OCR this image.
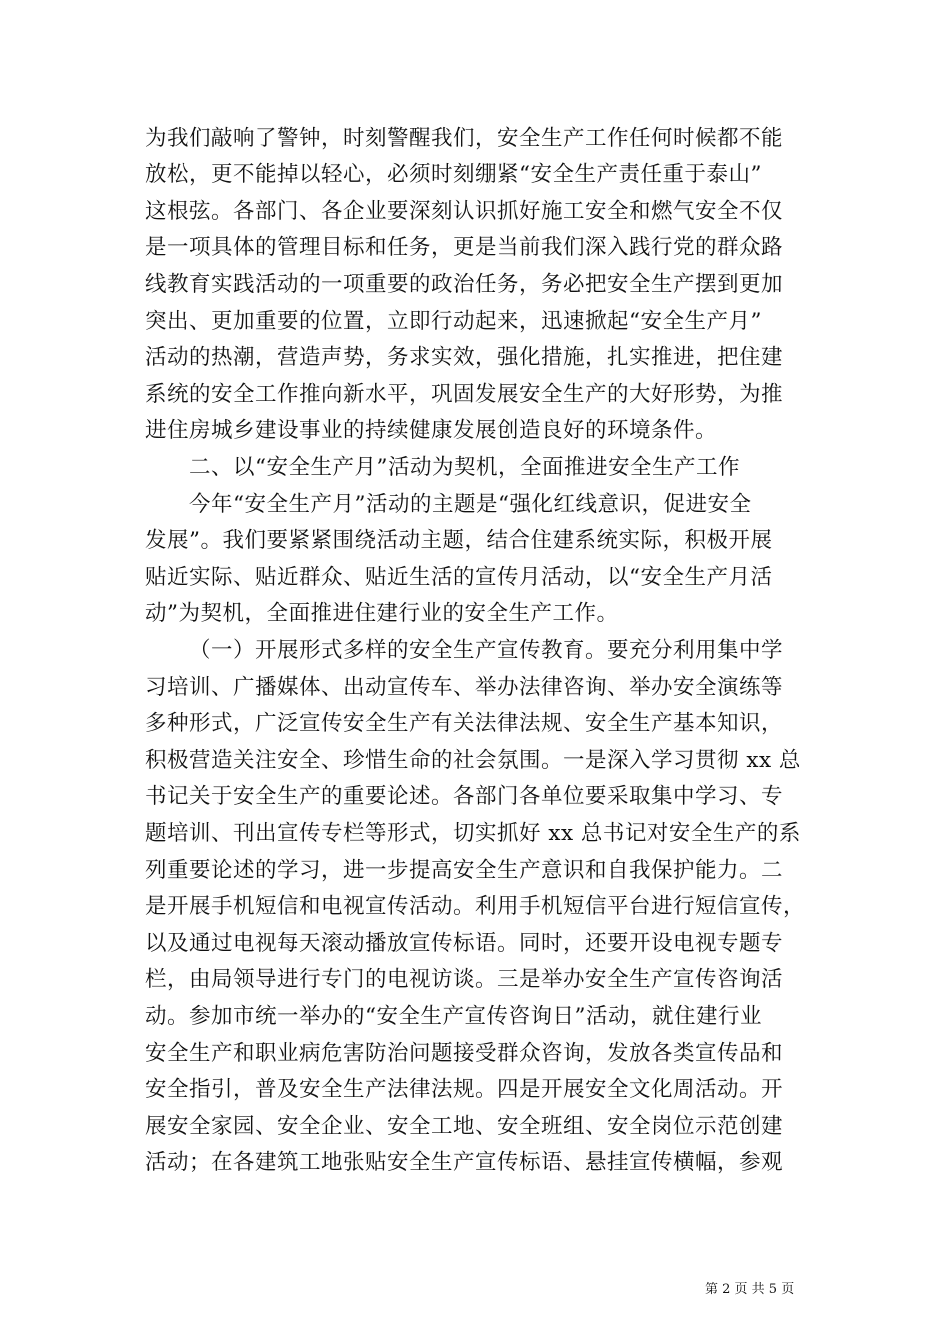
为我们敲响了警钟，时刻警醒我们，安全生产工作任何时候都不能
放松，更不能掉以轻心，必须时刻绷紧“安全生产责任重于泰山”
这根弦。各部门、各企业要深刻认识抓好施工安全和燃气安全不仅
是一项具体的管理目标和任务，更是当前我们深入践行党的群众路
线教育实践活动的一项重要的政治任务，务必把安全生产摆到更加
突出、更加重要的位置，立即行动起来，迅速掀起“安全生产月”
活动的热潮，营造声势，务求实效，强化措施，扎实推进，把住建
系统的安全工作推向新水平，巩固发展安全生产的大好形势，为推
进住房城乡建设事业的持续健康发展创造良好的环境条件。
二、以“安全生产月”活动为契机，全面推进安全生产工作
今年“安全生产月”活动的主题是“强化红线意识，促进安全
发展”。我们要紧紧围绕活动主题，结合住建系统实际，积极开展
贴近实际、贴近群众、贴近生活的宣传月活动，以“安全生产月活
动”为契机，全面推进住建行业的安全生产工作。
（一）开展形式多样的安全生产宣传教育。要充分利用集中学
习培训、广播媒体、出动宣传车、举办法律咨询、举办安全演练等
多种形式，广泛宣传安全生产有关法律法规、安全生产基本知识，
积极营造关注安全、珍惜生命的社会氛围。一是深入学习贯彻 xx 总
书记关于安全生产的重要论述。各部门各单位要采取集中学习、专
题培训、刊出宣传专栏等形式，切实抓好 xx 总书记对安全生产的系
列重要论述的学习，进一步提高安全生产意识和自我保护能力。二
是开展手机短信和电视宣传活动。利用手机短信平台进行短信宣传，
以及通过电视每天滚动播放宣传标语。同时，还要开设电视专题专
栏，由局领导进行专门的电视访谈。三是举办安全生产宣传咨询活
动。参加市统一举办的“安全生产宣传咨询日”活动，就住建行业
安全生产和职业病危害防治问题接受群众咨询，发放各类宣传品和
安全指引，普及安全生产法律法规。四是开展安全文化周活动。开
展安全家园、安全企业、安全工地、安全班组、安全岗位示范创建
活动；在各建筑工地张贴安全生产宣传标语、悬挂宣传横幅，参观
第 2 页 共 5 页
